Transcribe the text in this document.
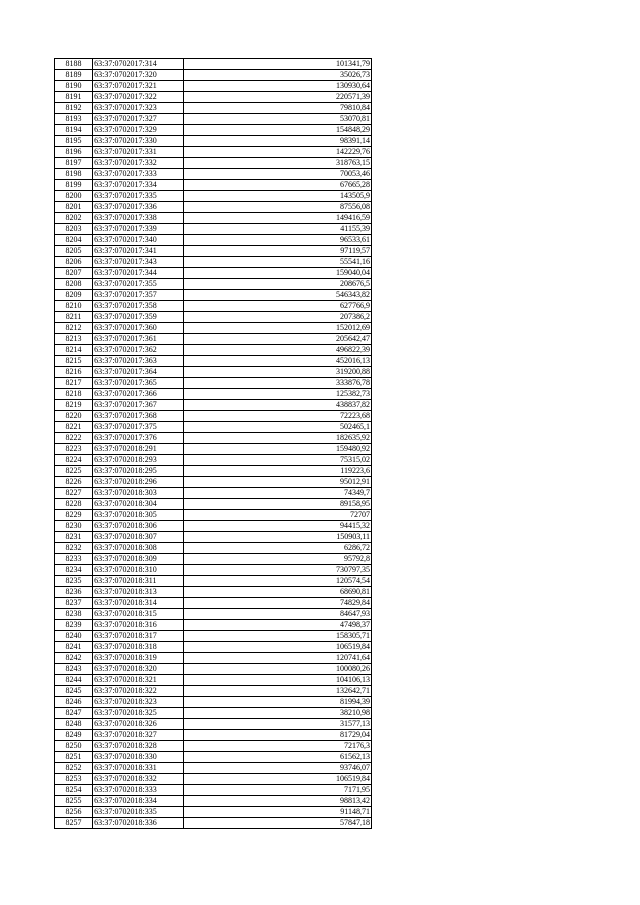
8188	63:37:0702017:314	101341,79
8189	63:37:0702017:320	35026,73
8190	63:37:0702017:321	130930,64
8191	63:37:0702017:322	220571,39
8192	63:37:0702017:323	79810,84
8193	63:37:0702017:327	53070,81
8194	63:37:0702017:329	154848,29
8195	63:37:0702017:330	98391,14
8196	63:37:0702017:331	142229,76
8197	63:37:0702017:332	318763,15
8198	63:37:0702017:333	70053,46
8199	63:37:0702017:334	67665,28
8200	63:37:0702017:335	143505,9
8201	63:37:0702017:336	87556,08
8202	63:37:0702017:338	149416,59
8203	63:37:0702017:339	41155,39
8204	63:37:0702017:340	96533,61
8205	63:37:0702017:341	97119,57
8206	63:37:0702017:343	55541,16
8207	63:37:0702017:344	159040,04
8208	63:37:0702017:355	208676,5
8209	63:37:0702017:357	546343,82
8210	63:37:0702017:358	627766,9
8211	63:37:0702017:359	207386,2
8212	63:37:0702017:360	152012,69
8213	63:37:0702017:361	205642,47
8214	63:37:0702017:362	496822,39
8215	63:37:0702017:363	452016,13
8216	63:37:0702017:364	319200,88
8217	63:37:0702017:365	333876,78
8218	63:37:0702017:366	125382,73
8219	63:37:0702017:367	438837,82
8220	63:37:0702017:368	72223,68
8221	63:37:0702017:375	502465,1
8222	63:37:0702017:376	182635,92
8223	63:37:0702018:291	159480,92
8224	63:37:0702018:293	75315,02
8225	63:37:0702018:295	119223,6
8226	63:37:0702018:296	95012,91
8227	63:37:0702018:303	74349,7
8228	63:37:0702018:304	89158,95
8229	63:37:0702018:305	72707
8230	63:37:0702018:306	94415,32
8231	63:37:0702018:307	150903,11
8232	63:37:0702018:308	6286,72
8233	63:37:0702018:309	95792,8
8234	63:37:0702018:310	730797,35
8235	63:37:0702018:311	120574,54
8236	63:37:0702018:313	68690,81
8237	63:37:0702018:314	74829,84
8238	63:37:0702018:315	84647,93
8239	63:37:0702018:316	47498,37
8240	63:37:0702018:317	158305,71
8241	63:37:0702018:318	106519,84
8242	63:37:0702018:319	120741,64
8243	63:37:0702018:320	100080,26
8244	63:37:0702018:321	104106,13
8245	63:37:0702018:322	132642,71
8246	63:37:0702018:323	81994,39
8247	63:37:0702018:325	38210,98
8248	63:37:0702018:326	31577,13
8249	63:37:0702018:327	81729,04
8250	63:37:0702018:328	72176,3
8251	63:37:0702018:330	61562,13
8252	63:37:0702018:331	93746,07
8253	63:37:0702018:332	106519,84
8254	63:37:0702018:333	7171,95
8255	63:37:0702018:334	98813,42
8256	63:37:0702018:335	91148,71
8257	63:37:0702018:336	57847,18
